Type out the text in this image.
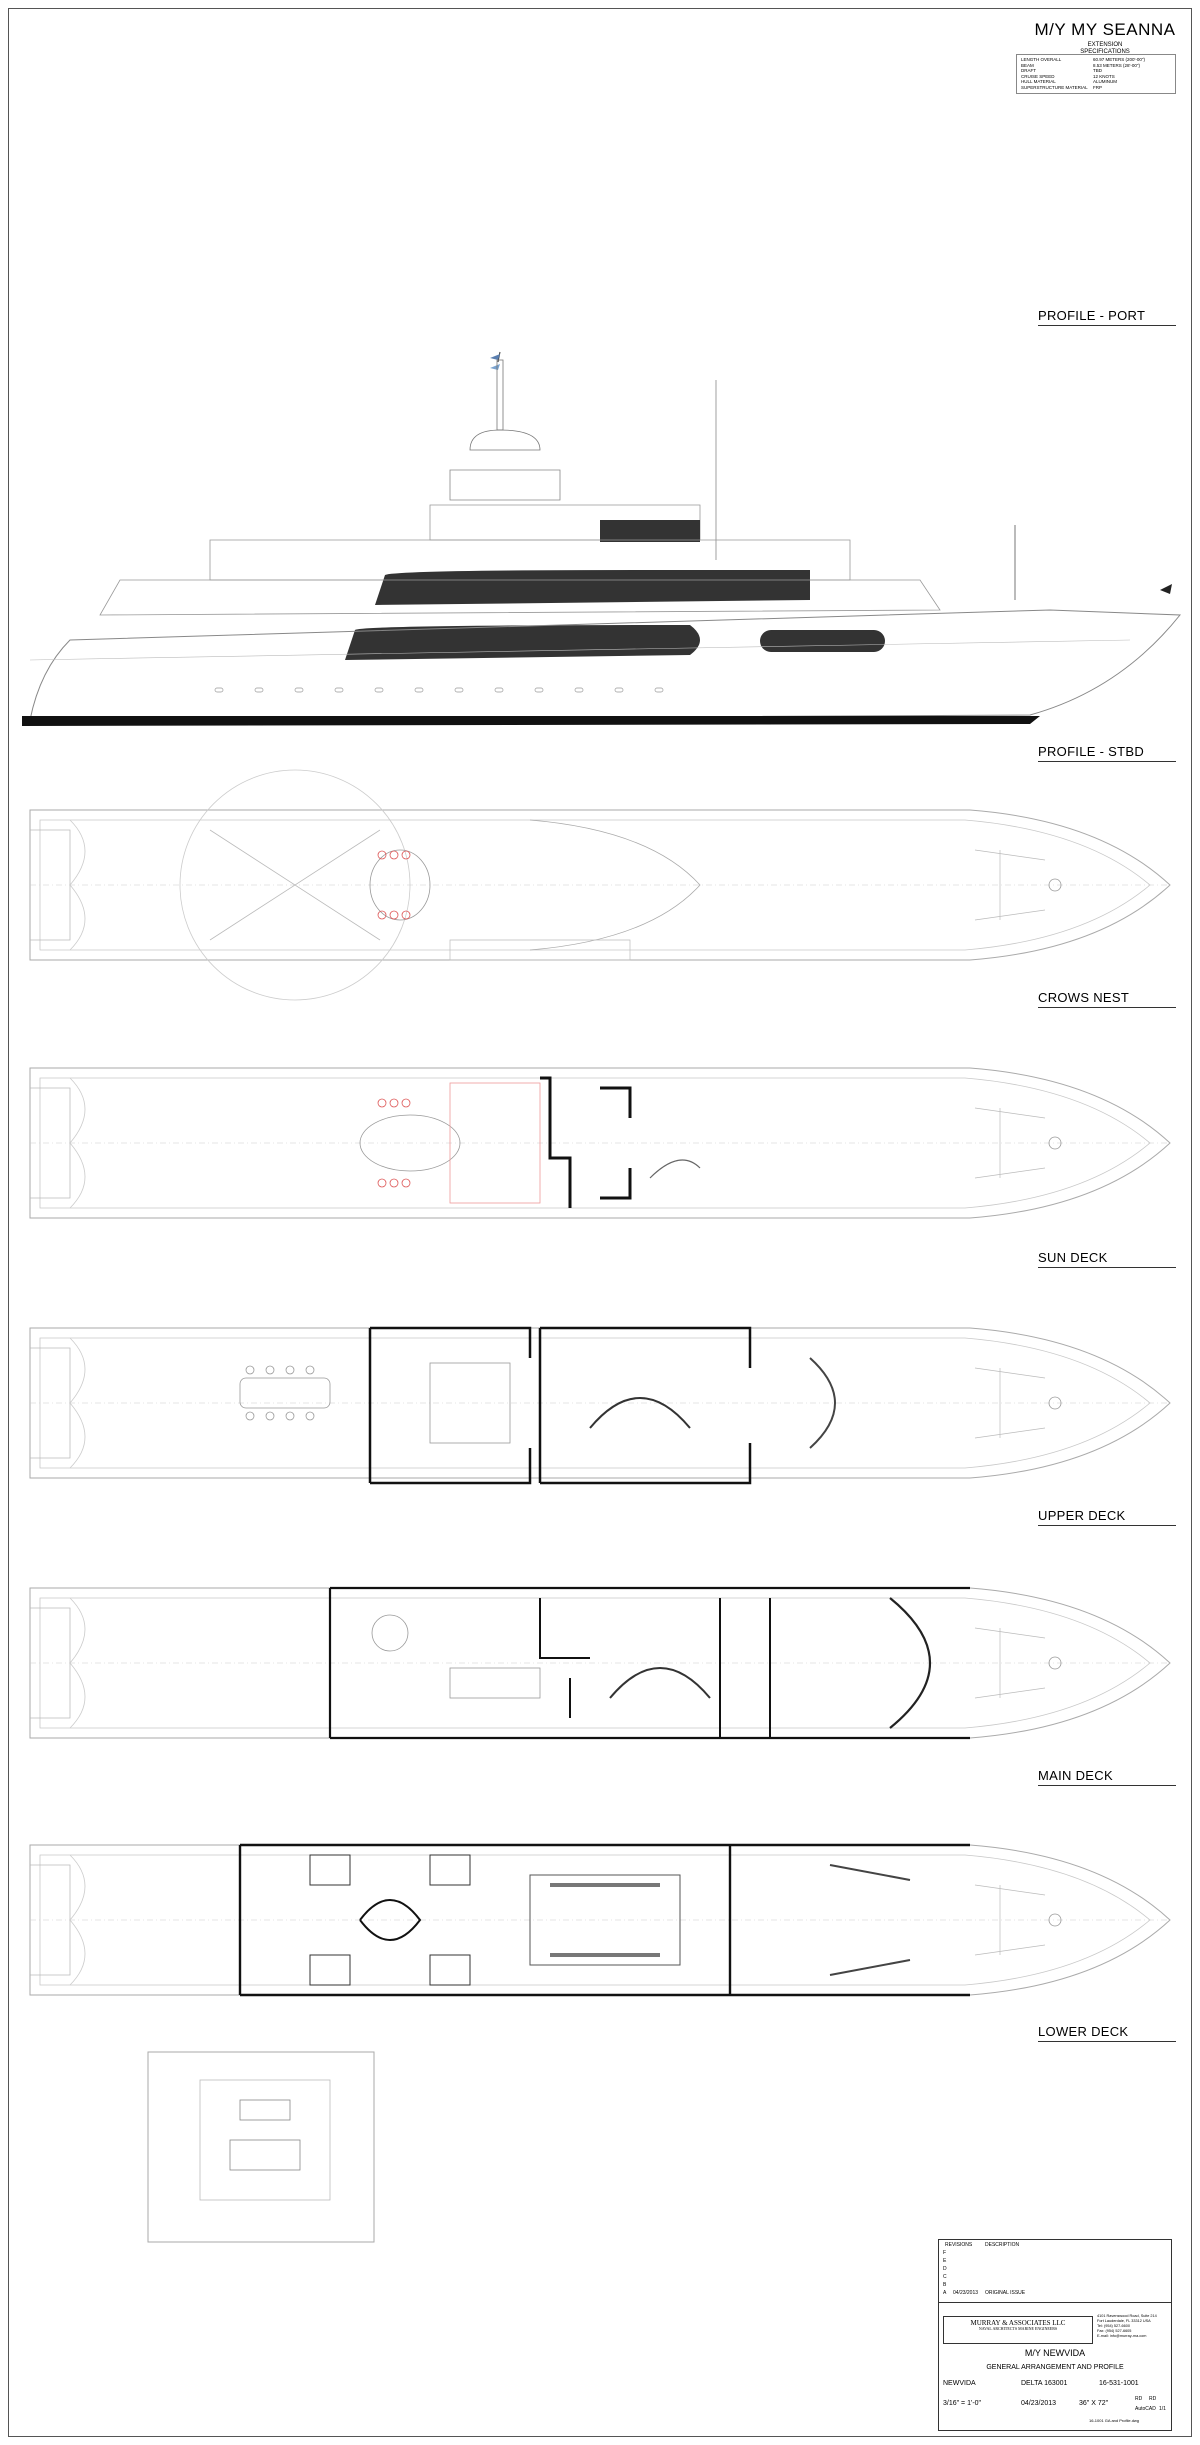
M/Y MY SEANNA
EXTENSION
SPECIFICATIONS
LENGTH OVERALL	60.97 METERS (200'-00")
BEAM	8.53 METERS (28'-00")
DRAFT	TBD
CRUISE SPEED	12 KNOTS
HULL MATERIAL	ALUMINUM
SUPERSTRUCTURE MATERIAL	FRP
PROFILE - PORT
PROFILE - STBD
CROWS NEST
SUN DECK
UPPER DECK
MAIN DECK
LOWER DECK
REVISIONS	DESCRIPTION
F
E
D
C
B
A 04/23/2013 ORIGINAL ISSUE
MURRAY & ASSOCIATES LLC
NAVAL ARCHITECTS MARINE ENGINEERS
4101 Ravenswood Road, Suite 214
Fort Lauderdale, FL 33312 USA
Tel: (954) 527-6600
Fax: (954) 527-6605
E-mail: info@murray-ma.com
M/Y NEWVIDA
GENERAL ARRANGEMENT AND PROFILE
NEWVIDA	DELTA 163001	16-531-1001
3/16" = 1'-0"	04/23/2013	36" X 72"
RD RD
AutoCAD 1/1
16-1001 GA and Profile.dwg
